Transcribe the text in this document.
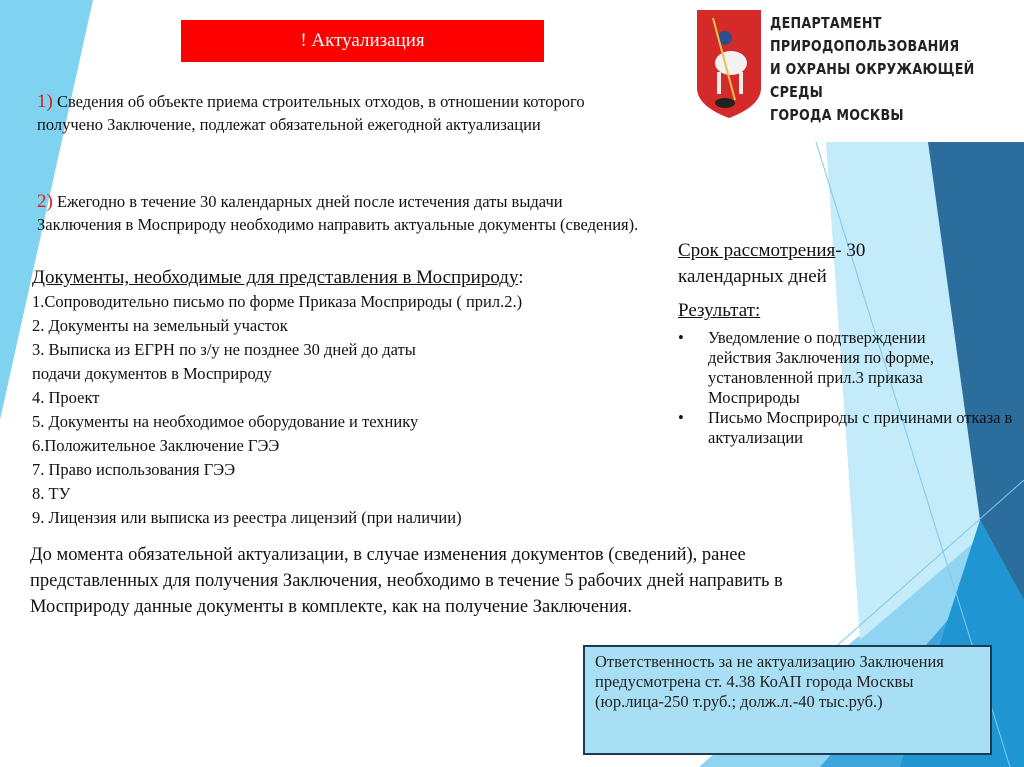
! Актуализация
ДЕПАРТАМЕНТ
ПРИРОДОПОЛЬЗОВАНИЯ
И ОХРАНЫ ОКРУЖАЮЩЕЙ СРЕДЫ
ГОРОДА МОСКВЫ
1) Сведения об объекте приема строительных отходов, в отношении которого получено Заключение, подлежат обязательной ежегодной актуализации
2) Ежегодно в течение 30 календарных дней после истечения даты выдачи Заключения в Мосприроду необходимо направить актуальные документы (сведения).
Документы, необходимые для представления в Мосприроду:
1.Сопроводительно письмо по форме Приказа Мосприроды ( прил.2.)
2. Документы на земельный участок
3. Выписка из ЕГРН по з/у не позднее 30 дней до даты
подачи документов в Мосприроду
4. Проект
5. Документы на необходимое оборудование и технику
6.Положительное Заключение ГЭЭ
7. Право использования ГЭЭ
8. ТУ
9. Лицензия или выписка из реестра лицензий (при наличии)
До момента обязательной актуализации, в случае изменения документов (сведений), ранее представленных для получения Заключения, необходимо в течение 5 рабочих дней направить в Мосприроду данные документы в комплекте, как на получение Заключения.
Срок рассмотрения- 30 календарных дней
Результат:
• Уведомление о подтверждении действия Заключения по форме, установленной прил.3 приказа Мосприроды
• Письмо Мосприроды с причинами отказа в актуализации
Ответственность за не актуализацию Заключения предусмотрена ст. 4.38 КоАП города Москвы (юр.лица-250 т.руб.; долж.л.-40 тыс.руб.)
